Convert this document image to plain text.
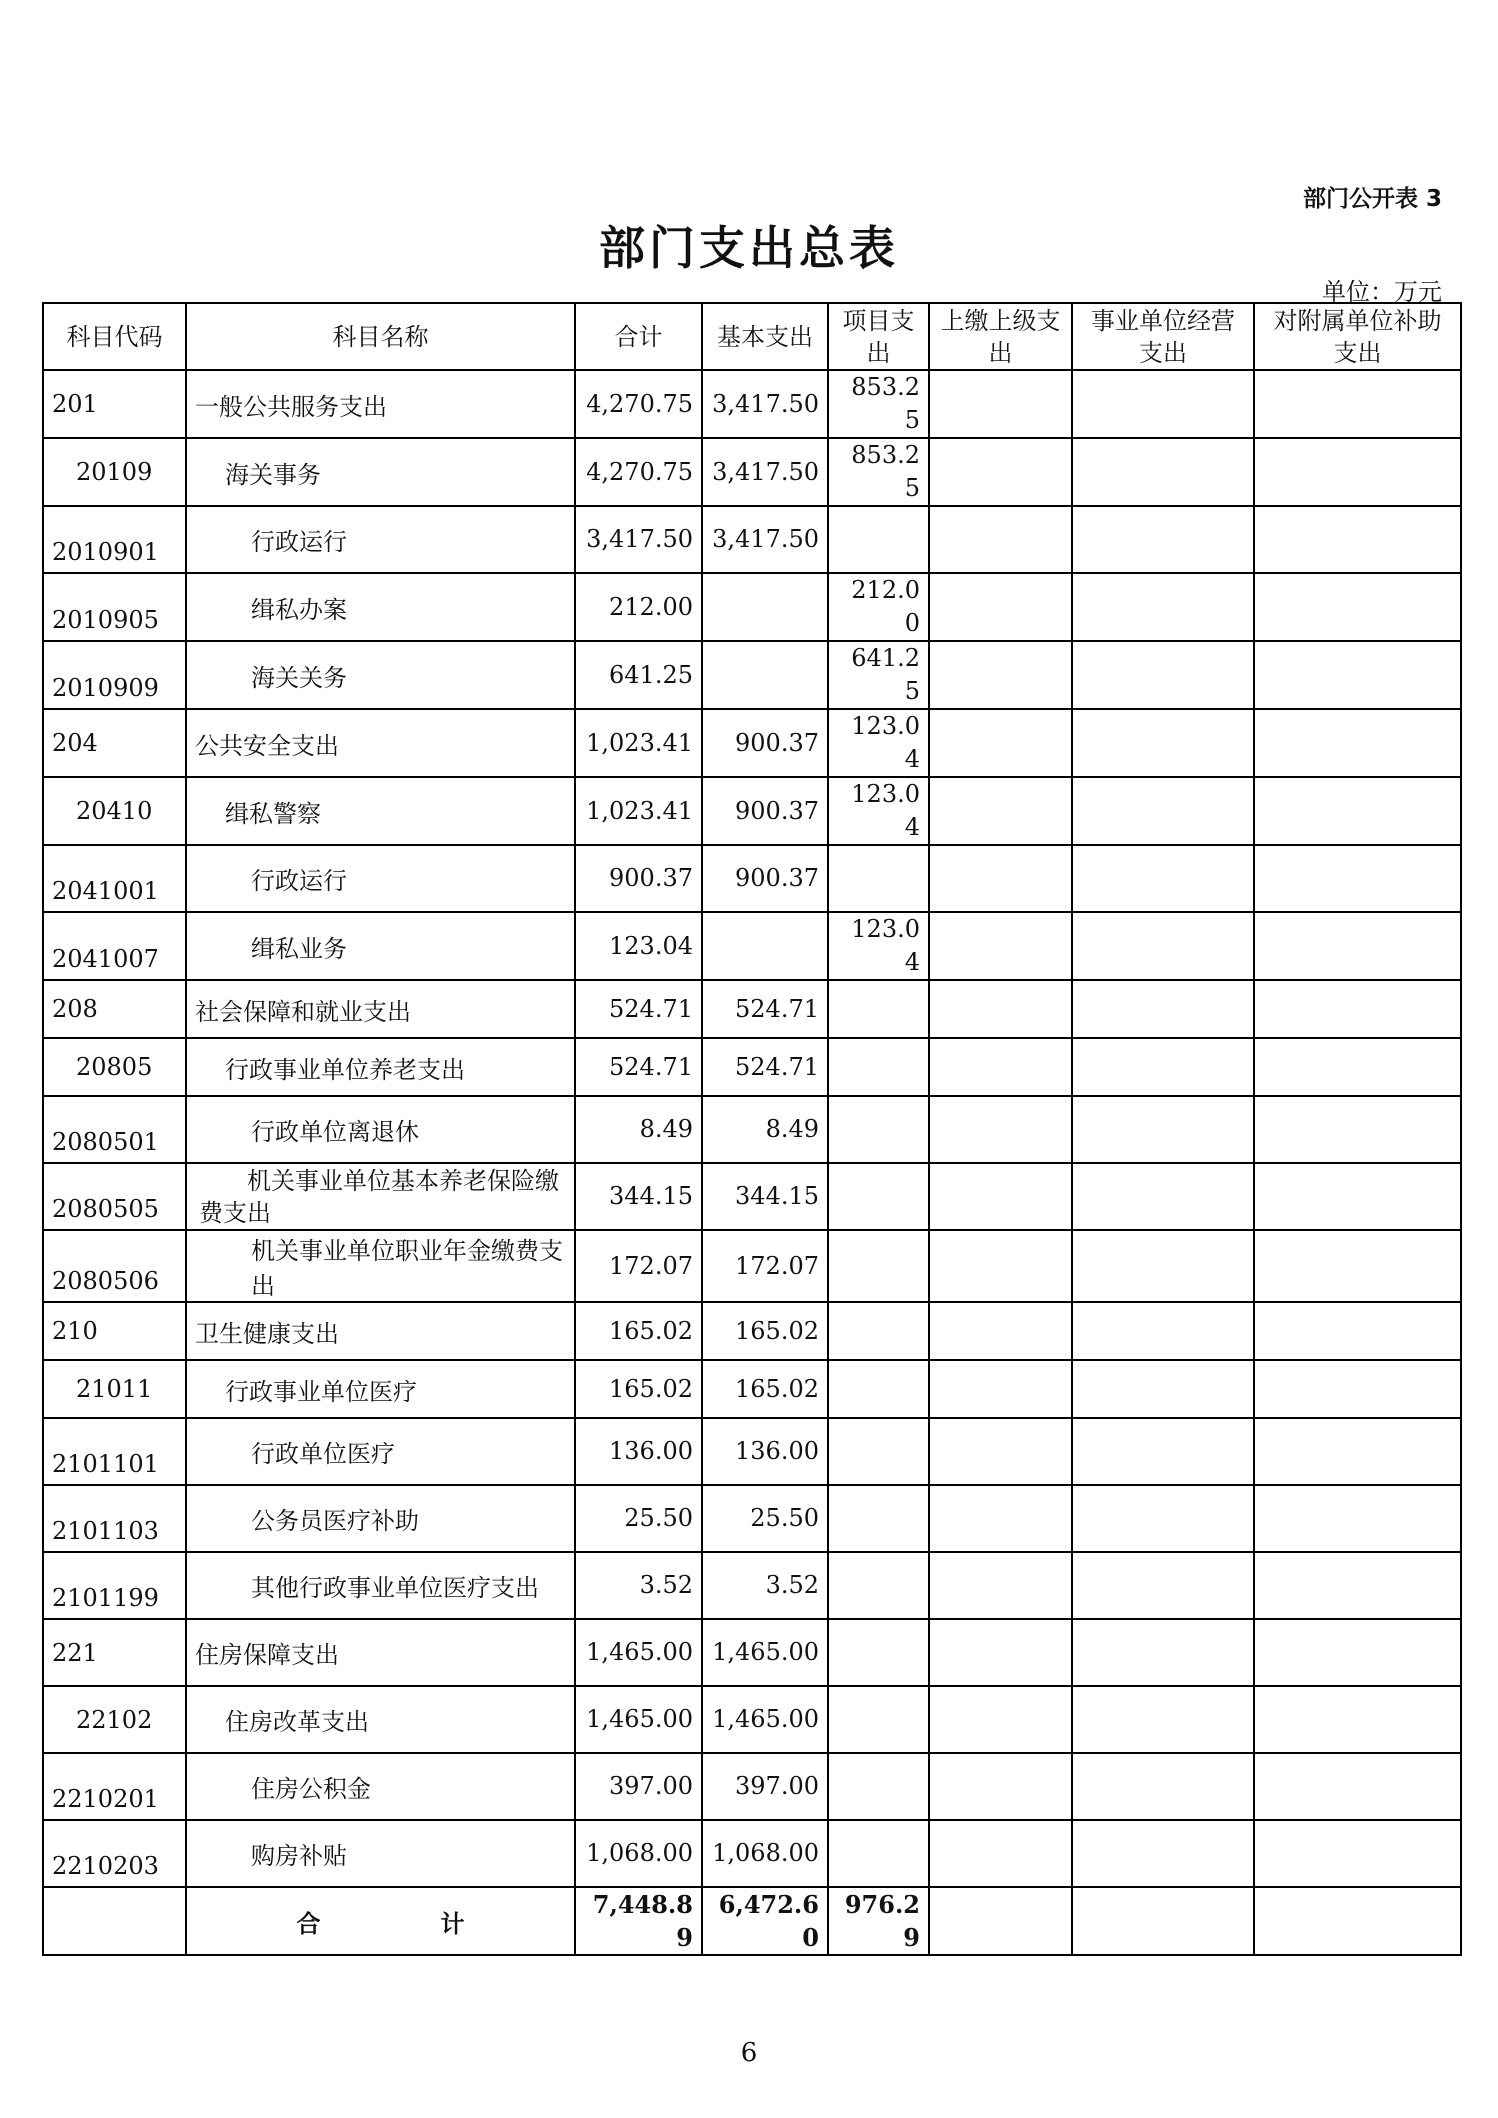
部门公开表 3
部门支出总表
单位：万元
科目代码	科目名称	合计	基本支出	项目支出	上缴上级支出	事业单位经营支出	对附属单位补助支出
201	一般公共服务支出	4,270.75	3,417.50	853.25			
20109	海关事务	4,270.75	3,417.50	853.25			
2010901	行政运行	3,417.50	3,417.50				
2010905	缉私办案	212.00		212.00			
2010909	海关关务	641.25		641.25			
204	公共安全支出	1,023.41	900.37	123.04			
20410	缉私警察	1,023.41	900.37	123.04			
2041001	行政运行	900.37	900.37				
2041007	缉私业务	123.04		123.04			
208	社会保障和就业支出	524.71	524.71				
20805	行政事业单位养老支出	524.71	524.71				
2080501	行政单位离退休	8.49	8.49				
2080505	机关事业单位基本养老保险缴费支出	344.15	344.15				
2080506	机关事业单位职业年金缴费支出	172.07	172.07				
210	卫生健康支出	165.02	165.02				
21011	行政事业单位医疗	165.02	165.02				
2101101	行政单位医疗	136.00	136.00				
2101103	公务员医疗补助	25.50	25.50				
2101199	其他行政事业单位医疗支出	3.52	3.52				
221	住房保障支出	1,465.00	1,465.00				
22102	住房改革支出	1,465.00	1,465.00				
2210201	住房公积金	397.00	397.00				
2210203	购房补贴	1,068.00	1,068.00				
	合 计	7,448.89	6,472.60	976.29			
6
